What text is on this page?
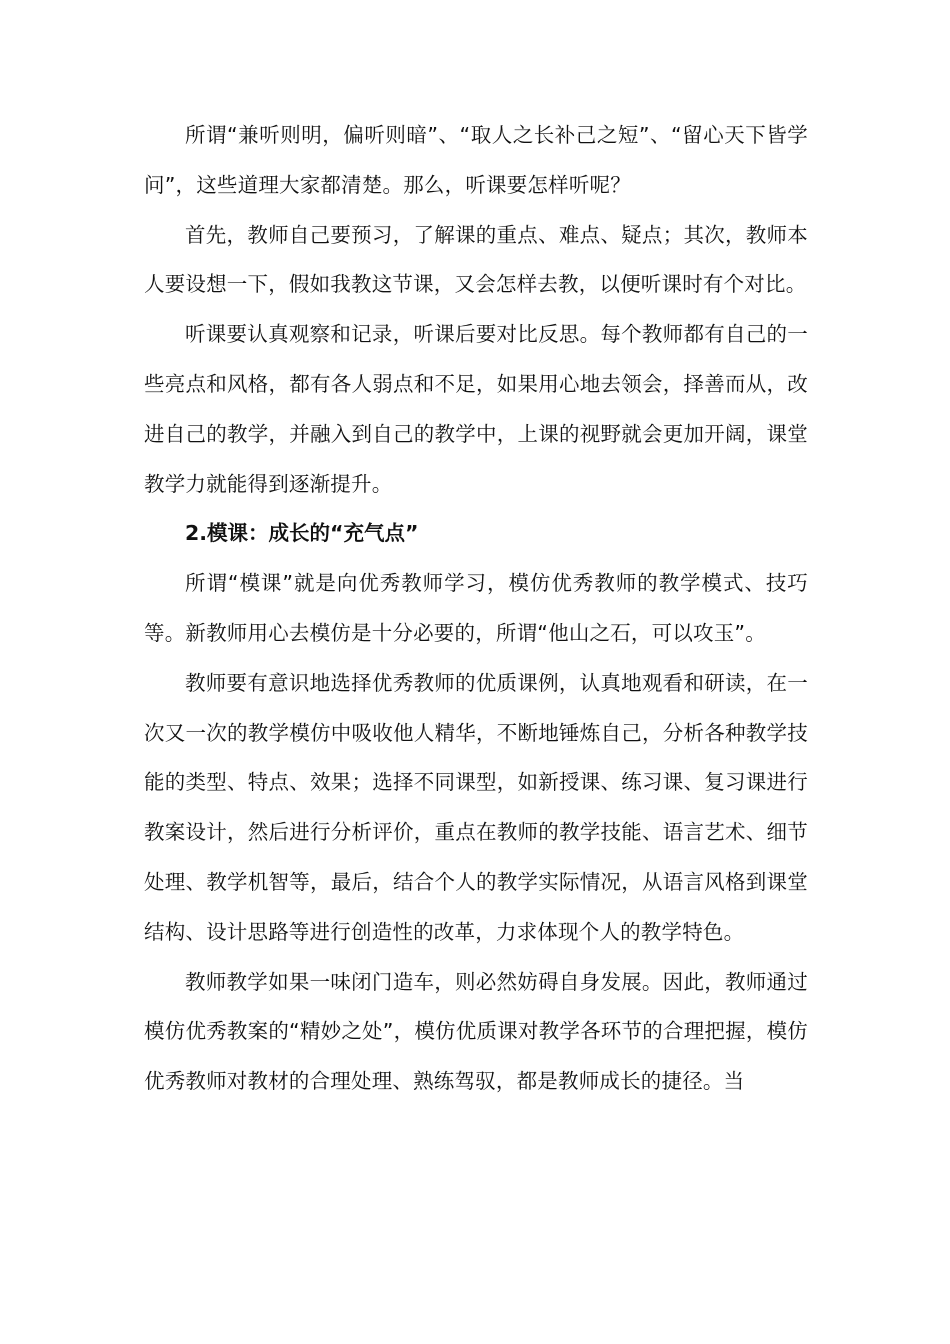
所谓“兼听则明，偏听则暗”、“取人之长补己之短”、“留心天下皆学问”，这些道理大家都清楚。那么，听课要怎样听呢？

首先，教师自己要预习，了解课的重点、难点、疑点；其次，教师本人要设想一下，假如我教这节课，又会怎样去教，以便听课时有个对比。

听课要认真观察和记录，听课后要对比反思。每个教师都有自己的一些亮点和风格，都有各人弱点和不足，如果用心地去领会，择善而从，改进自己的教学，并融入到自己的教学中，上课的视野就会更加开阔，课堂教学力就能得到逐渐提升。

2.模课：成长的“充气点”

所谓“模课”就是向优秀教师学习，模仿优秀教师的教学模式、技巧等。新教师用心去模仿是十分必要的，所谓“他山之石，可以攻玉”。

教师要有意识地选择优秀教师的优质课例，认真地观看和研读，在一次又一次的教学模仿中吸收他人精华，不断地锤炼自己，分析各种教学技能的类型、特点、效果；选择不同课型，如新授课、练习课、复习课进行教案设计，然后进行分析评价，重点在教师的教学技能、语言艺术、细节处理、教学机智等，最后，结合个人的教学实际情况，从语言风格到课堂结构、设计思路等进行创造性的改革，力求体现个人的教学特色。

教师教学如果一味闭门造车，则必然妨碍自身发展。因此，教师通过模仿优秀教案的“精妙之处”，模仿优质课对教学各环节的合理把握，模仿优秀教师对教材的合理处理、熟练驾驭，都是教师成长的捷径。当
